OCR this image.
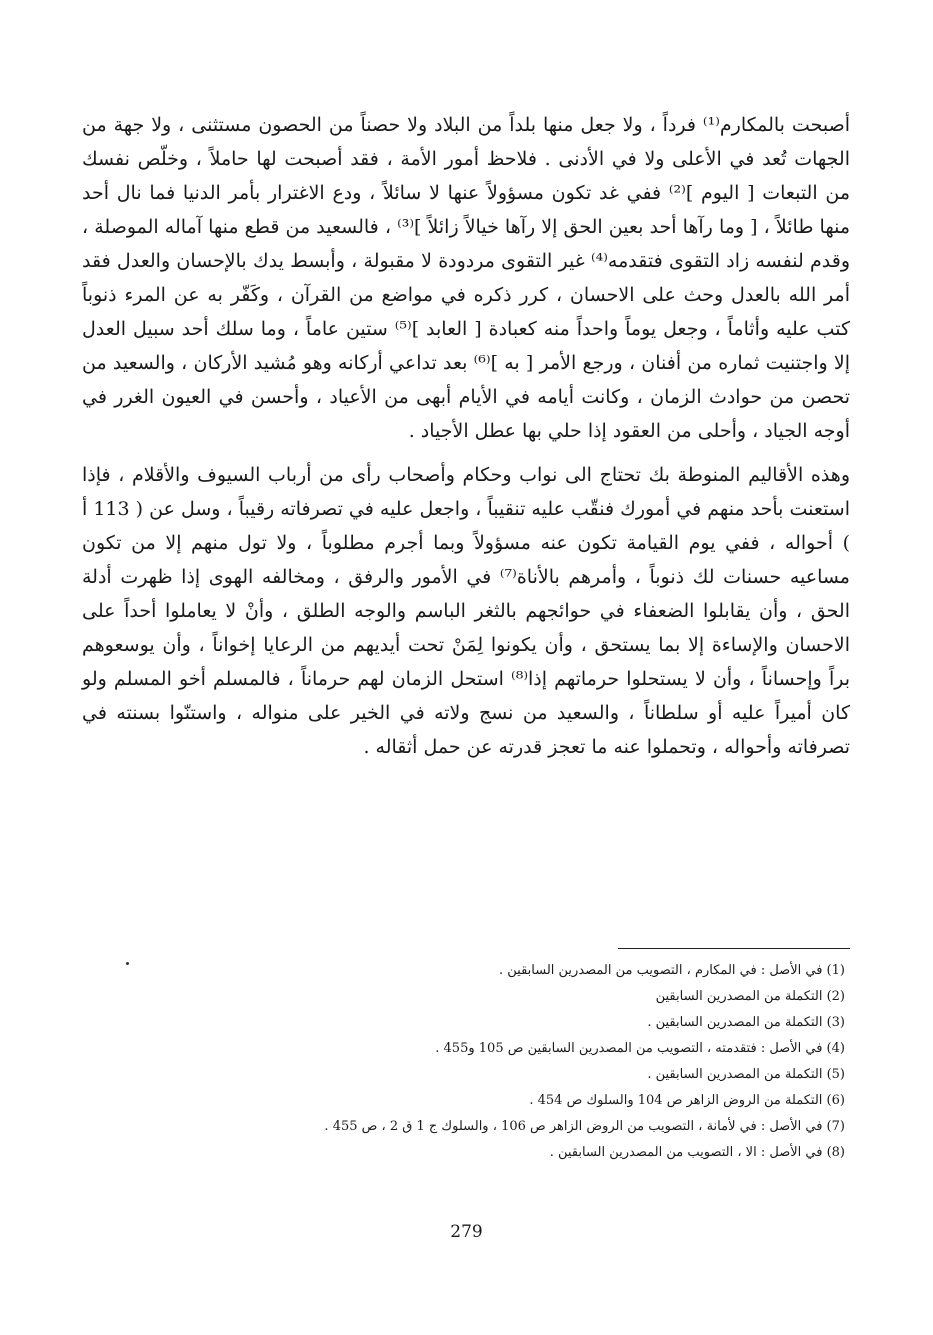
أصبحت بالمكارم⁽¹⁾ فرداً ، ولا جعل منها بلداً من البلاد ولا حصناً من الحصون مستثنى ، ولا جهة من الجهات تُعد في الأعلى ولا في الأدنى . فلاحظ أمور الأمة ، فقد أصبحت لها حاملاً ، وخلّص نفسك من التبعات [ اليوم ]⁽²⁾ ففي غد تكون مسؤولاً عنها لا سائلاً ، ودع الاغترار بأمر الدنيا فما نال أحد منها طائلاً ، [ وما رآها أحد بعين الحق إلا رآها خيالاً زائلاً ]⁽³⁾ ، فالسعيد من قطع منها آماله الموصلة ، وقدم لنفسه زاد التقوى فتقدمه⁽⁴⁾ غير التقوى مردودة لا مقبولة ، وأبسط يدك بالإحسان والعدل فقد أمر الله بالعدل وحث على الاحسان ، كرر ذكره في مواضع من القرآن ، وكَفّر به عن المرء ذنوباً كتب عليه وأثاماً ، وجعل يوماً واحداً منه كعبادة [ العابد ]⁽⁵⁾ ستين عاماً ، وما سلك أحد سبيل العدل إلا واجتنيت ثماره من أفنان ، ورجع الأمر [ به ]⁽⁶⁾ بعد تداعي أركانه وهو مُشيد الأركان ، والسعيد من تحصن من حوادث الزمان ، وكانت أيامه في الأيام أبهى من الأعياد ، وأحسن في العيون الغرر في أوجه الجياد ، وأحلى من العقود إذا حلي بها عطل الأجياد .

وهذه الأقاليم المنوطة بك تحتاج الى نواب وحكام وأصحاب رأى من أرباب السيوف والأقلام ، فإذا استعنت بأحد منهم في أمورك فنقّب عليه تنقيباً ، واجعل عليه في تصرفاته رقيباً ، وسل عن ( 113 أ ) أحواله ، ففي يوم القيامة تكون عنه مسؤولاً وبما أجرم مطلوباً ، ولا تول منهم إلا من تكون مساعيه حسنات لك ذنوباً ، وأمرهم بالأناة⁽⁷⁾ في الأمور والرفق ، ومخالفه الهوى إذا ظهرت أدلة الحق ، وأن يقابلوا الضعفاء في حوائجهم بالثغر الباسم والوجه الطلق ، وأنْ لا يعاملوا أحداً على الاحسان والإساءة إلا بما يستحق ، وأن يكونوا لِمَنْ تحت أيديهم من الرعايا إخواناً ، وأن يوسعوهم براً وإحساناً ، وأن لا يستحلوا حرماتهم إذا⁽⁸⁾ استحل الزمان لهم حرماناً ، فالمسلم أخو المسلم ولو كان أميراً عليه أو سلطاناً ، والسعيد من نسج ولاته في الخير على منواله ، واستنّوا بسنته في تصرفاته وأحواله ، وتحملوا عنه ما تعجز قدرته عن حمل أثقاله .

(1) في الأصل : في المكارم ، التصويب من المصدرين السابقين .
(2) التكملة من المصدرين السابقين
(3) التكملة من المصدرين السابقين .
(4) في الأصل : فتقدمته ، التصويب من المصدرين السابقين ص 105 و455 .
(5) التكملة من المصدرين السابقين .
(6) التكملة من الروض الزاهر ص 104 والسلوك ص 454 .
(7) في الأصل : في لأمانة ، التصويب من الروض الزاهر ص 106 ، والسلوك ج 1 ق 2 ، ص 455 .
(8) في الأصل : الا ، التصويب من المصدرين السابقين .
279
